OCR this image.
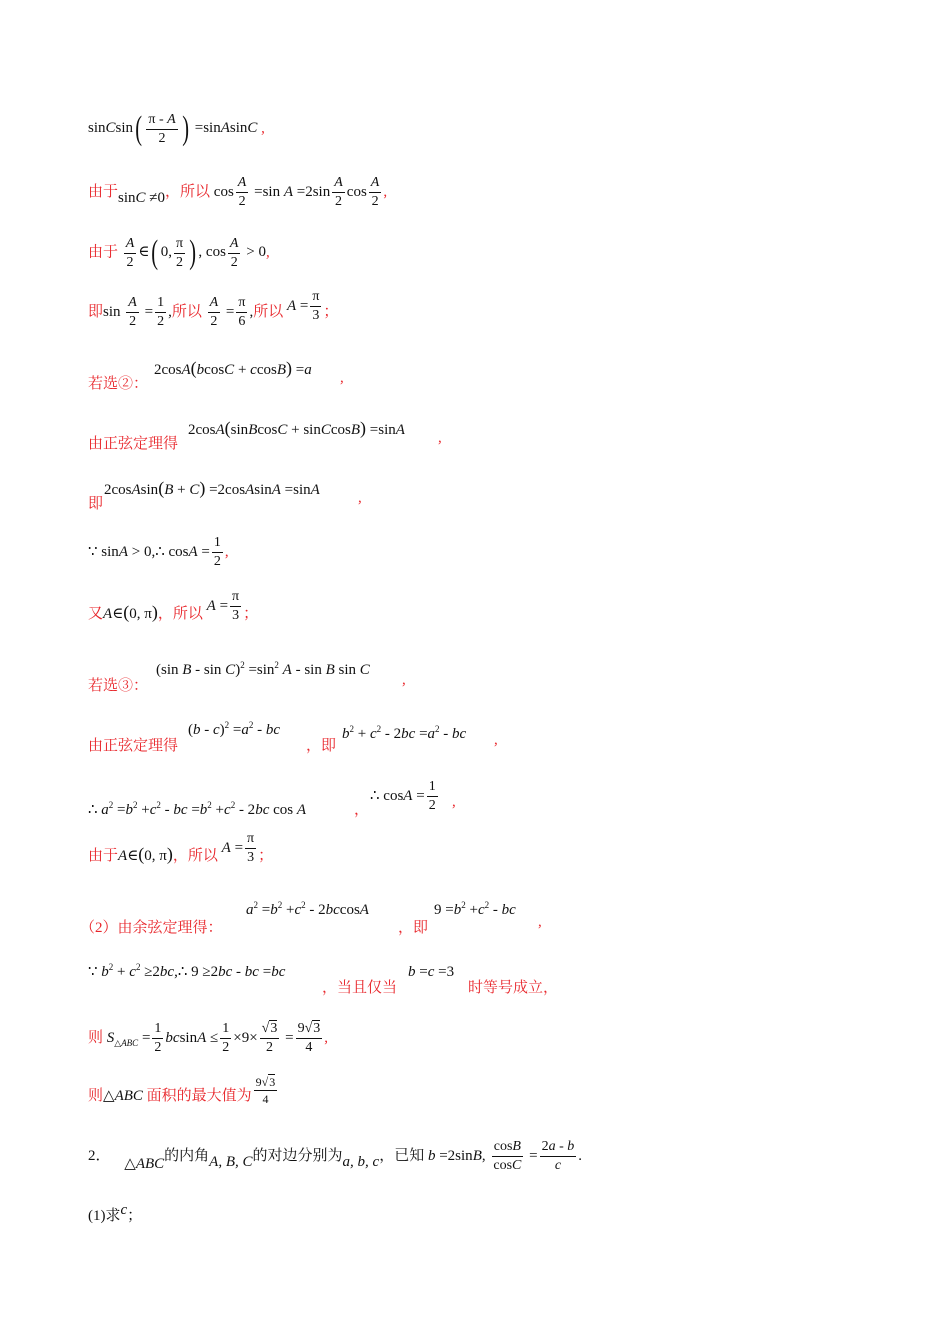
sinCsin( $\frac{\pi - A}{2}$ ) =sinAsinC ,
由于sinC ≠0，所以 $\cos \frac{A}{2} =\sin$ $A =2\sin \frac{A}{2}$ $\cos \frac{A}{2}$ ,
由于 $\frac{A}{2}$ ∈( 0, $\frac{\pi}{2}$ ) , $\cos \frac{A}{2} > 0$,
即$\sin \frac{A}{2} = \frac{1}{2}$ ,所以 $\frac{A}{2} = \frac{\pi}{6}$ ,所以 $A = \frac{\pi}{3}$ ；
2cosA(bcosC + ccosB) =a
若选②：	,
2cosA(sinBcosC + sinCcosB) =sinA
由正弦定理得	,
2cosAsin(B + C) =2cosAsinA =sinA
即	,
∵ sinA > 0,∴ $\cos A = \frac{1}{2}$ ,
又A∈(0, π)，所以 $A = \frac{\pi}{3}$ ；
(sin $B - \sin C)^2 =\sin^2$ A - sin B sin C
若选③：	,
$(b - c)^2 =a^2$ - bc
由正弦定理得	，即
$b^2 + c^2 - 2bc =a^2$ - bc ,
∴ $a^2 =b^2 +c^2$ - bc $=b^2 +c^2 - 2bc$ cos A	，
∴ $\cos A = \frac{1}{2}$ ,
由于A∈(0, π)，所以 $A = \frac{\pi}{3}$ ；
（2）由余弦定理得：
$a^2 =b^2 +c^2 - 2bccosA$
，即
$9 =b^2 +c^2$ - bc
,
∵ $b^2 + c^2$ ≥2bc,∴ 9 ≥2bc - bc =bc
，当且仅当
b =c =3
时等号成立，
则 $S_{\triangle ABC} = \frac{1}{2}$ $bcsinA \le \frac{1}{2} \times 9\times \frac{√3}{2} = \frac{9√3}{4}$ ,
则△ABC 面积的最大值为 $\frac{9√3}{4}$
2． △ABC的内角A, B, C的对边分别为a, b, c，已知 b =2sinB, $\frac{\cos B}{\cos C} = \frac{2a - b}{c}$ .
(1)求c；
